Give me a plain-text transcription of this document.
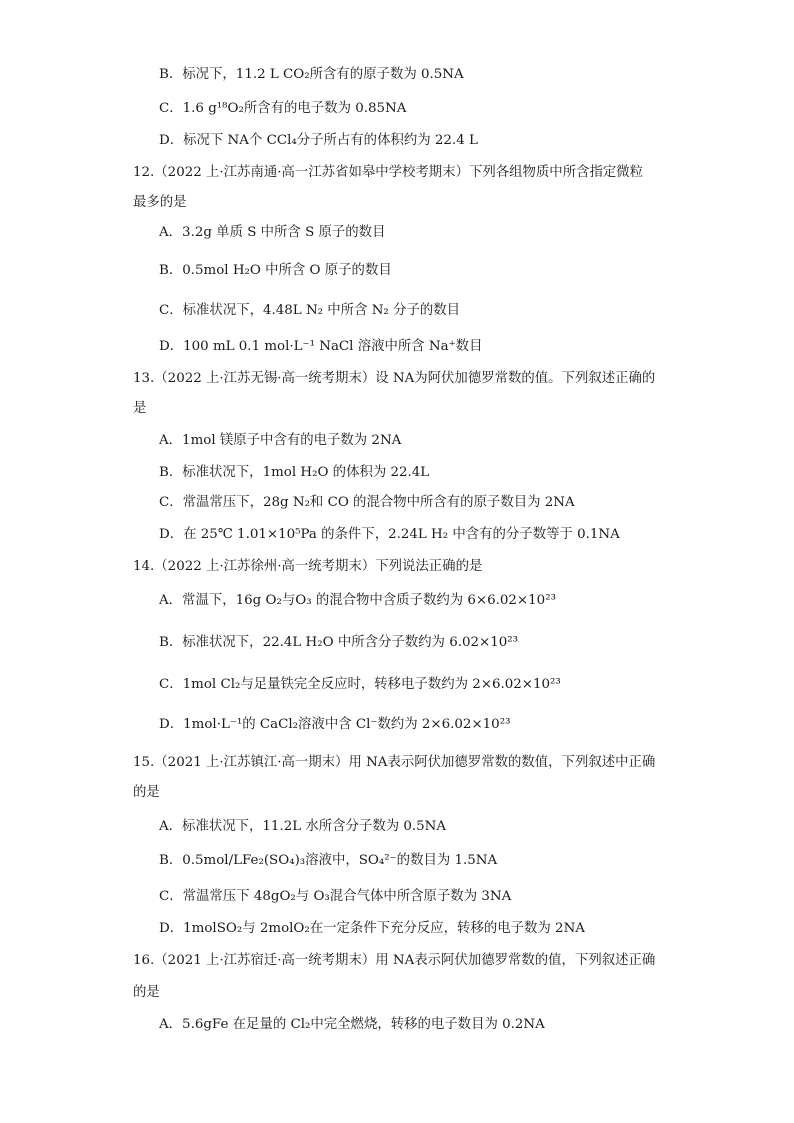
B．标况下，11.2 L CO₂所含有的原子数为 0.5NA
C．1.6 g¹⁸O₂所含有的电子数为 0.85NA
D．标况下 NA个 CCl₄分子所占有的体积约为 22.4 L
12.（2022 上·江苏南通·高一江苏省如皋中学校考期末）下列各组物质中所含指定微粒
最多的是
A．3.2g 单质 S 中所含 S 原子的数目
B．0.5mol H₂O 中所含 O 原子的数目
C．标准状况下，4.48L N₂ 中所含 N₂ 分子的数目
D．100 mL 0.1 mol·L⁻¹ NaCl 溶液中所含 Na⁺数目
13.（2022 上·江苏无锡·高一统考期末）设 NA为阿伏加德罗常数的值。下列叙述正确的
是
A．1mol 镁原子中含有的电子数为 2NA
B．标准状况下，1mol H₂O 的体积为 22.4L
C．常温常压下，28g N₂和 CO 的混合物中所含有的原子数目为 2NA
D．在 25℃ 1.01×10⁵Pa 的条件下，2.24L H₂ 中含有的分子数等于 0.1NA
14.（2022 上·江苏徐州·高一统考期末）下列说法正确的是
A．常温下，16g O₂与O₃ 的混合物中含质子数约为 6×6.02×10²³
B．标准状况下，22.4L H₂O 中所含分子数约为 6.02×10²³
C．1mol Cl₂与足量铁完全反应时，转移电子数约为 2×6.02×10²³
D．1mol·L⁻¹的 CaCl₂溶液中含 Cl⁻数约为 2×6.02×10²³
15.（2021 上·江苏镇江·高一期末）用 NA表示阿伏加德罗常数的数值，下列叙述中正确
的是
A．标准状况下，11.2L 水所含分子数为 0.5NA
B．0.5mol/LFe₂(SO₄)₃溶液中，SO₄²⁻的数目为 1.5NA
C．常温常压下 48gO₂与 O₃混合气体中所含原子数为 3NA
D．1molSO₂与 2molO₂在一定条件下充分反应，转移的电子数为 2NA
16.（2021 上·江苏宿迁·高一统考期末）用 NA表示阿伏加德罗常数的值，下列叙述正确
的是
A．5.6gFe 在足量的 Cl₂中完全燃烧，转移的电子数目为 0.2NA
